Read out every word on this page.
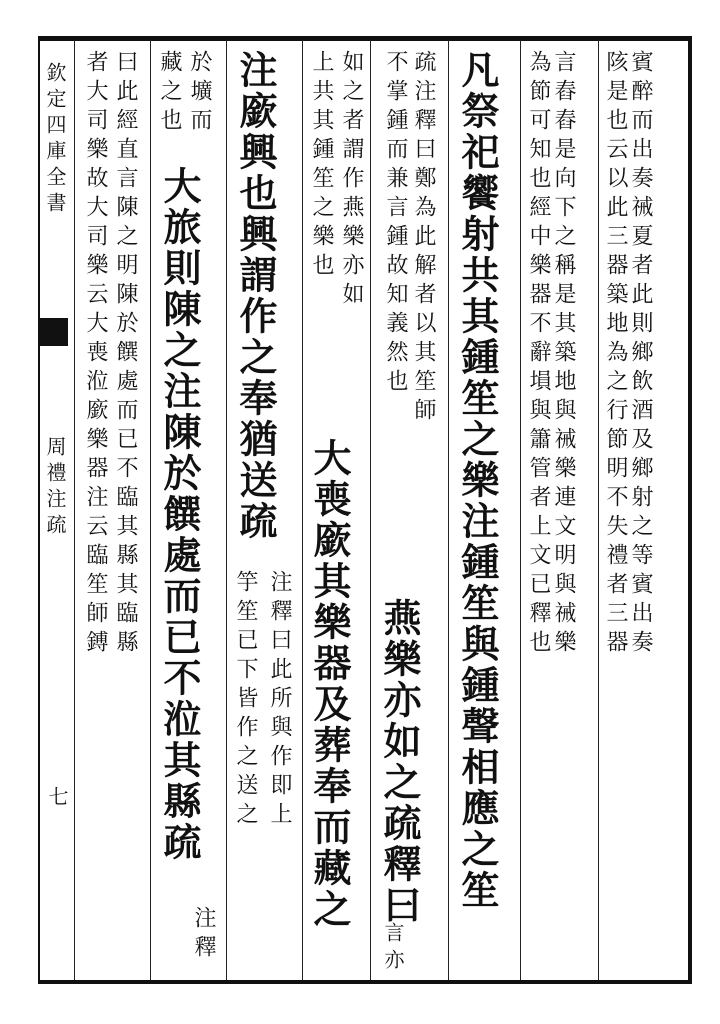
欽定四庫全書
周禮注疏
七
賓醉而出奏祴夏者此則鄉飲酒及鄉射之等賓出奏
陔是也云以此三器築地為之行節明不失禮者三器
言舂舂是向下之稱是其築地與祴樂連文明與祴樂
為節可知也經中樂器不辭塤與簫管者上文已釋也
凡祭祀饗射共其鍾笙之樂注鍾笙與鍾聲相應之笙
疏注釋曰鄭為此解者以其笙師
不掌鍾而兼言鍾故知義然也
燕樂亦如之疏釋曰
言亦
如之者謂作燕樂亦如
上共其鍾笙之樂也
大喪廞其樂器及葬奉而藏之
注廞興也興謂作之奉猶送疏
注釋曰此所與作即上
竽笙已下皆作之送之
於壙而
藏之也
大旅則陳之注陳於饌處而已不涖其縣疏
注釋
曰此經直言陳之明陳於饌處而已不臨其縣其臨縣
者大司樂故大司樂云大喪涖廞樂器注云臨笙師鎛
